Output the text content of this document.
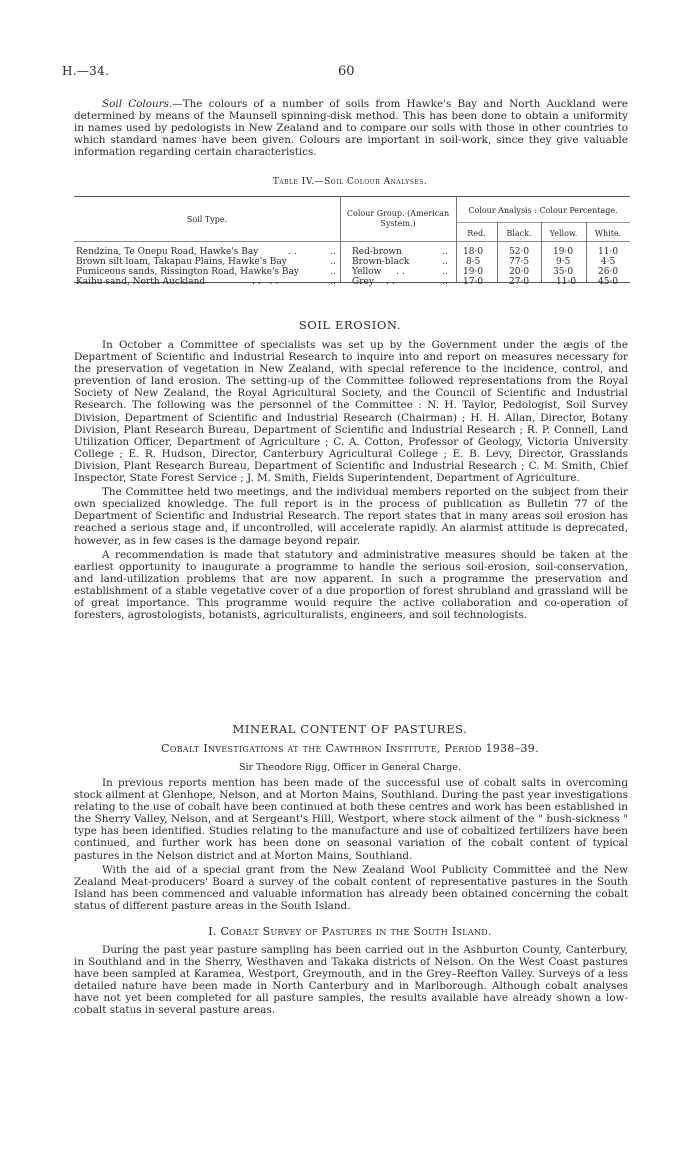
H.—34.	60

Soil Colours.—The colours of a number of soils from Hawke's Bay and North Auckland were determined by means of the Maunsell spinning-disk method. This has been done to obtain a uniformity in names used by pedologists in New Zealand and to compare our soils with those in other countries to which standard names have been given. Colours are important in soil-work, since they give valuable information regarding certain characteristics.

Table IV.—Soil Colour Analyses.
Soil Type.
Colour Group. (American System.)
Colour Analysis : Colour Percentage.
Red.	Black.	Yellow.	White.
Rendzina, Te Onepu Road, Hawke's Bay	..	.. Red-brown	.. 18·0	52·0	19·0	11·0
Brown silt loam, Takapau Plains, Hawke's Bay	.. Brown-black	.. 8·5	77·5	9·5	4·5
Pumiceous sands, Rissington Road, Hawke's Bay	.. Yellow ..	.. 19·0	20·0	35·0	26·0
Kaihu sand, North Auckland	.. ..	.. Grey ..	.. 17·0	27·0	11·0 45·0
SOIL EROSION.

In October a Committee of specialists was set up by the Government under the ægis of the Department of Scientific and Industrial Research to inquire into and report on measures necessary for the preservation of vegetation in New Zealand, with special reference to the incidence, control, and prevention of land erosion. The setting-up of the Committee followed representations from the Royal Society of New Zealand, the Royal Agricultural Society, and the Council of Scientific and Industrial Research. The following was the personnel of the Committee : N. H. Taylor, Pedologist, Soil Survey Division, Department of Scientific and Industrial Research (Chairman) ; H. H. Allan, Director, Botany Division, Plant Research Bureau, Department of Scientific and Industrial Research ; R. P. Connell, Land Utilization Officer, Department of Agriculture ; C. A. Cotton, Professor of Geology, Victoria University College ; E. R. Hudson, Director, Canterbury Agricultural College ; E. B. Levy, Director, Grasslands Division, Plant Research Bureau, Department of Scientific and Industrial Research ; C. M. Smith, Chief Inspector, State Forest Service ; J. M. Smith, Fields Superintendent, Department of Agriculture.

The Committee held two meetings, and the individual members reported on the subject from their own specialized knowledge. The full report is in the process of publication as Bulletin 77 of the Department of Scientific and Industrial Research. The report states that in many areas soil erosion has reached a serious stage and, if uncontrolled, will accelerate rapidly. An alarmist attitude is deprecated, however, as in few cases is the damage beyond repair.

A recommendation is made that statutory and administrative measures should be taken at the earliest opportunity to inaugurate a programme to handle the serious soil-erosion, soil-conservation, and land-utilization problems that are now apparent. In such a programme the preservation and establishment of a stable vegetative cover of a due proportion of forest shrubland and grassland will be of great importance. This programme would require the active collaboration and co-operation of foresters, agrostologists, botanists, agriculturalists, engineers, and soil technologists.

MINERAL CONTENT OF PASTURES.
Cobalt Investigations at the Cawthron Institute, Period 1938–39.
Sir Theodore Rigg, Officer in General Charge.

In previous reports mention has been made of the successful use of cobalt salts in overcoming stock ailment at Glenhope, Nelson, and at Morton Mains, Southland. During the past year investigations relating to the use of cobalt have been continued at both these centres and work has been established in the Sherry Valley, Nelson, and at Sergeant's Hill, Westport, where stock ailment of the " bush-sickness " type has been identified. Studies relating to the manufacture and use of cobaltized fertilizers have been continued, and further work has been done on seasonal variation of the cobalt content of typical pastures in the Nelson district and at Morton Mains, Southland.

With the aid of a special grant from the New Zealand Wool Publicity Committee and the New Zealand Meat-producers' Board a survey of the cobalt content of representative pastures in the South Island has been commenced and valuable information has already been obtained concerning the cobalt status of different pasture areas in the South Island.

I. Cobalt Survey of Pastures in the South Island.

During the past year pasture sampling has been carried out in the Ashburton County, Canterbury, in Southland and in the Sherry, Westhaven and Takaka districts of Nelson. On the West Coast pastures have been sampled at Karamea, Westport, Greymouth, and in the Grey–Reefton Valley. Surveys of a less detailed nature have been made in North Canterbury and in Marlborough. Although cobalt analyses have not yet been completed for all pasture samples, the results available have already shown a low-cobalt status in several pasture areas.
